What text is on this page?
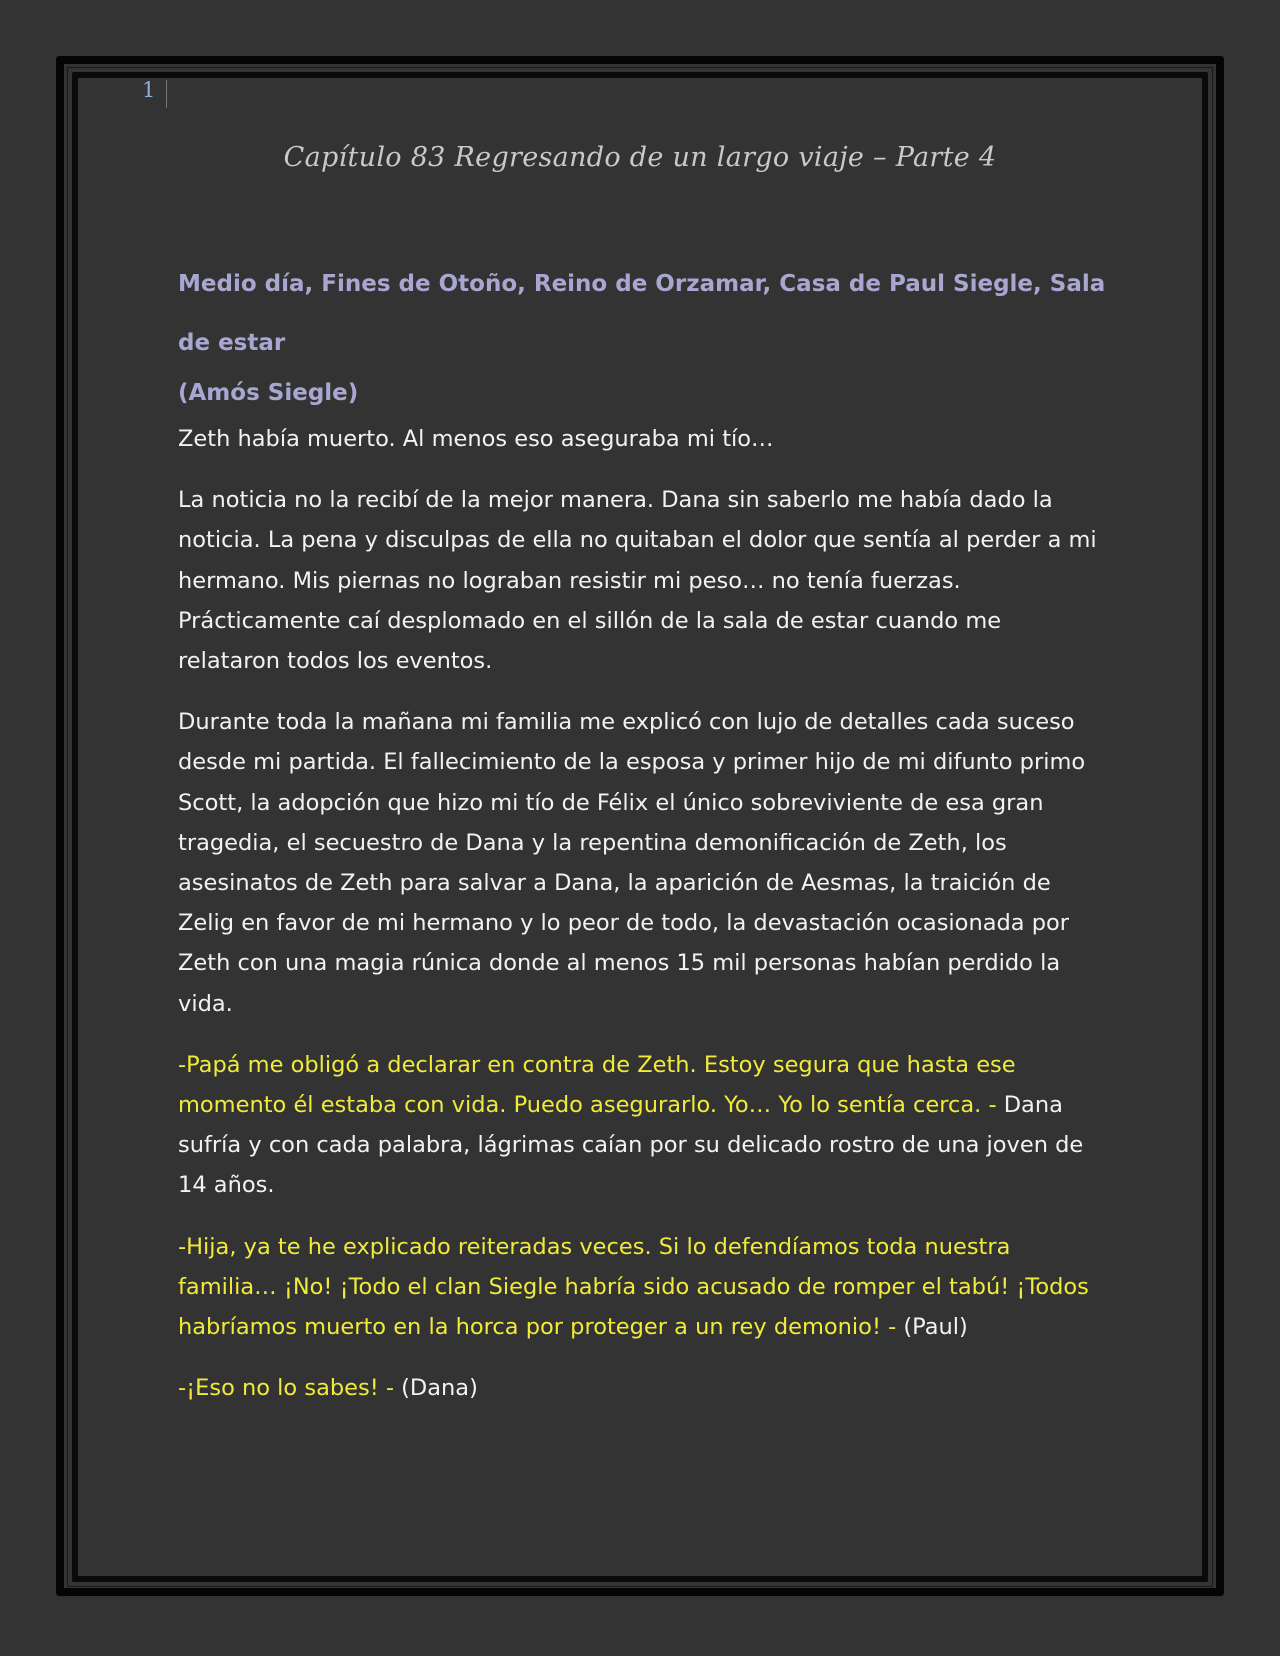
1
Capítulo 83 Regresando de un largo viaje – Parte 4

Medio día, Fines de Otoño, Reino de Orzamar, Casa de Paul Siegle, Sala de estar

(Amós Siegle)

Zeth había muerto. Al menos eso aseguraba mi tío…

La noticia no la recibí de la mejor manera. Dana sin saberlo me había dado la noticia. La pena y disculpas de ella no quitaban el dolor que sentía al perder a mi hermano. Mis piernas no lograban resistir mi peso… no tenía fuerzas. Prácticamente caí desplomado en el sillón de la sala de estar cuando me relataron todos los eventos.

Durante toda la mañana mi familia me explicó con lujo de detalles cada suceso desde mi partida. El fallecimiento de la esposa y primer hijo de mi difunto primo Scott, la adopción que hizo mi tío de Félix el único sobreviviente de esa gran tragedia, el secuestro de Dana y la repentina demonificación de Zeth, los asesinatos de Zeth para salvar a Dana, la aparición de Aesmas, la traición de Zelig en favor de mi hermano y lo peor de todo, la devastación ocasionada por Zeth con una magia rúnica donde al menos 15 mil personas habían perdido la vida.

-Papá me obligó a declarar en contra de Zeth. Estoy segura que hasta ese momento él estaba con vida. Puedo asegurarlo. Yo… Yo lo sentía cerca. - Dana sufría y con cada palabra, lágrimas caían por su delicado rostro de una joven de 14 años.

-Hija, ya te he explicado reiteradas veces. Si lo defendíamos toda nuestra familia… ¡No! ¡Todo el clan Siegle habría sido acusado de romper el tabú! ¡Todos habríamos muerto en la horca por proteger a un rey demonio! - (Paul)

-¡Eso no lo sabes! - (Dana)
